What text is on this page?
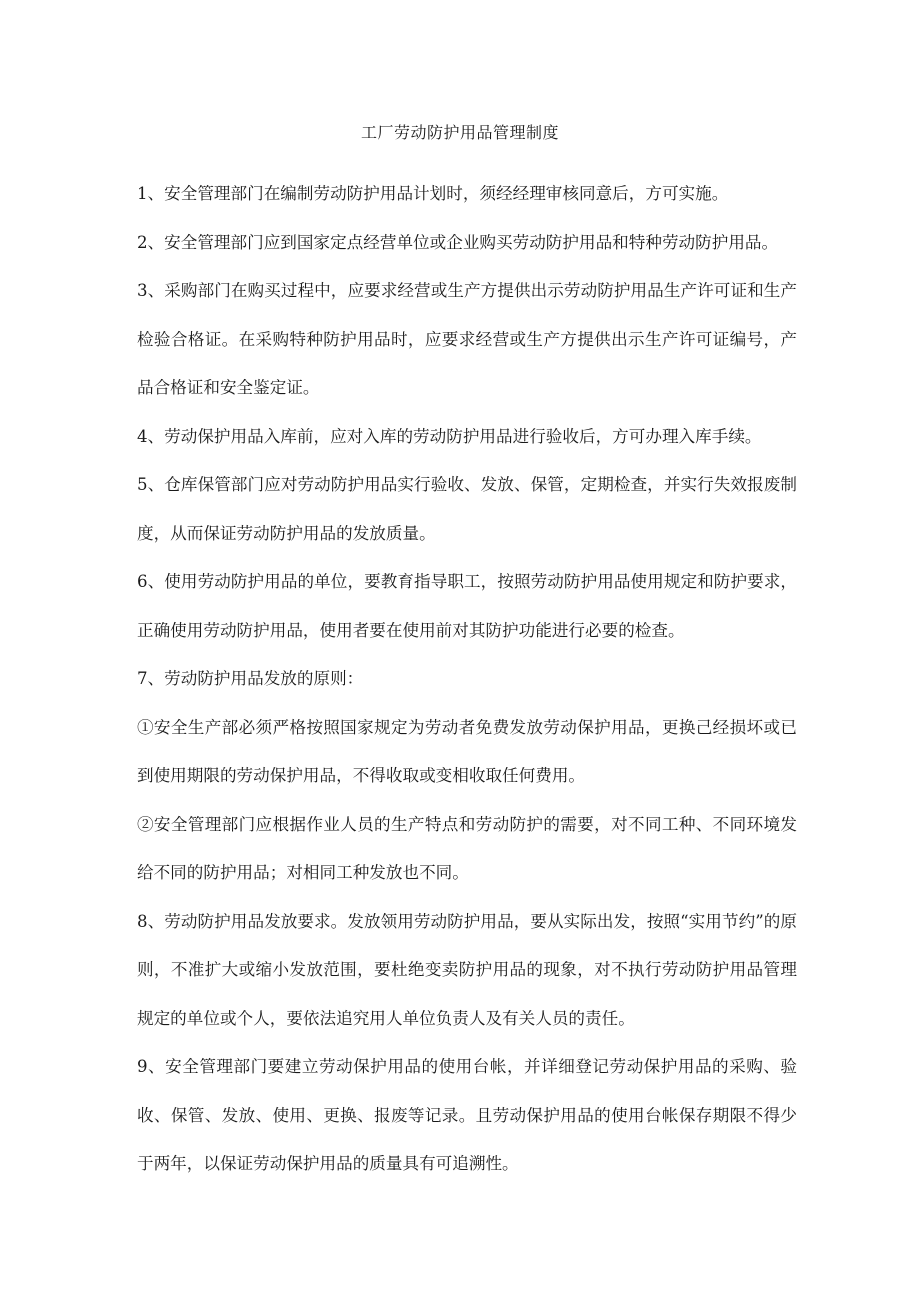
工厂劳动防护用品管理制度

1、安全管理部门在编制劳动防护用品计划时，须经经理审核同意后，方可实施。

2、安全管理部门应到国家定点经营单位或企业购买劳动防护用品和特种劳动防护用品。

3、采购部门在购买过程中，应要求经营或生产方提供出示劳动防护用品生产许可证和生产检验合格证。在采购特种防护用品时，应要求经营或生产方提供出示生产许可证编号，产品合格证和安全鉴定证。

4、劳动保护用品入库前，应对入库的劳动防护用品进行验收后，方可办理入库手续。

5、仓库保管部门应对劳动防护用品实行验收、发放、保管，定期检查，并实行失效报废制度，从而保证劳动防护用品的发放质量。

6、使用劳动防护用品的单位，要教育指导职工，按照劳动防护用品使用规定和防护要求，正确使用劳动防护用品，使用者要在使用前对其防护功能进行必要的检查。

7、劳动防护用品发放的原则：

①安全生产部必须严格按照国家规定为劳动者免费发放劳动保护用品，更换己经损坏或已到使用期限的劳动保护用品，不得收取或变相收取任何费用。

②安全管理部门应根据作业人员的生产特点和劳动防护的需要，对不同工种、不同环境发给不同的防护用品；对相同工种发放也不同。

8、劳动防护用品发放要求。发放领用劳动防护用品，要从实际出发，按照“实用节约”的原则，不准扩大或缩小发放范围，要杜绝变卖防护用品的现象，对不执行劳动防护用品管理规定的单位或个人，要依法追究用人单位负责人及有关人员的责任。

9、安全管理部门要建立劳动保护用品的使用台帐，并详细登记劳动保护用品的采购、验收、保管、发放、使用、更换、报废等记录。且劳动保护用品的使用台帐保存期限不得少于两年，以保证劳动保护用品的质量具有可追溯性。
